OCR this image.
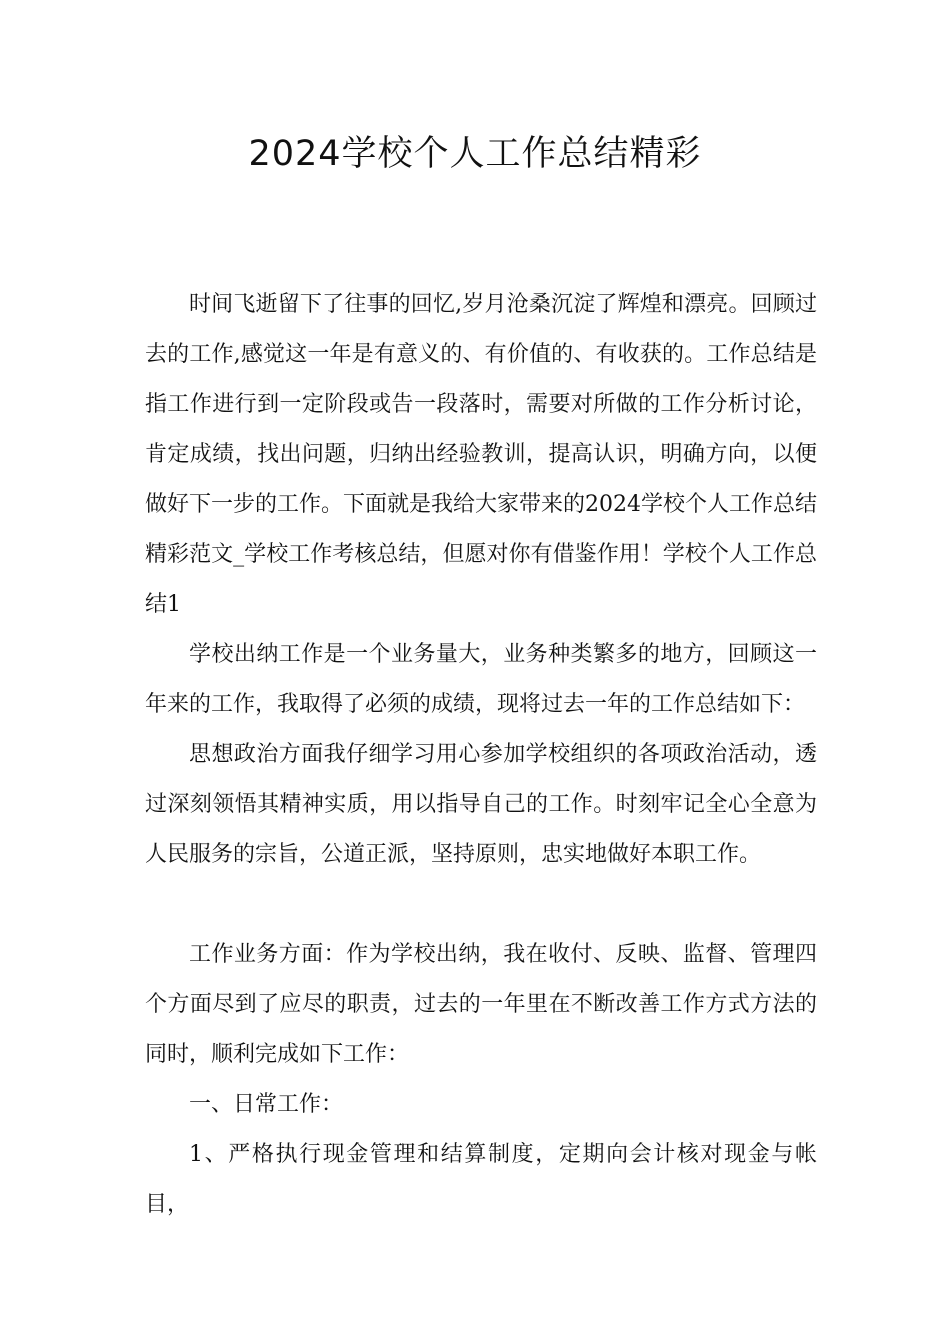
2024学校个人工作总结精彩

时间飞逝留下了往事的回忆,岁月沧桑沉淀了辉煌和漂亮。回顾过去的工作,感觉这一年是有意义的、有价值的、有收获的。工作总结是指工作进行到一定阶段或告一段落时，需要对所做的工作分析讨论，肯定成绩，找出问题，归纳出经验教训，提高认识，明确方向，以便做好下一步的工作。下面就是我给大家带来的2024学校个人工作总结精彩范文_学校工作考核总结，但愿对你有借鉴作用！学校个人工作总结1

学校出纳工作是一个业务量大，业务种类繁多的地方，回顾这一年来的工作，我取得了必须的成绩，现将过去一年的工作总结如下：

思想政治方面我仔细学习用心参加学校组织的各项政治活动，透过深刻领悟其精神实质，用以指导自己的工作。时刻牢记全心全意为人民服务的宗旨，公道正派，坚持原则，忠实地做好本职工作。

工作业务方面：作为学校出纳，我在收付、反映、监督、管理四个方面尽到了应尽的职责，过去的一年里在不断改善工作方式方法的同时，顺利完成如下工作：

一、日常工作：

1、严格执行现金管理和结算制度，定期向会计核对现金与帐目，
